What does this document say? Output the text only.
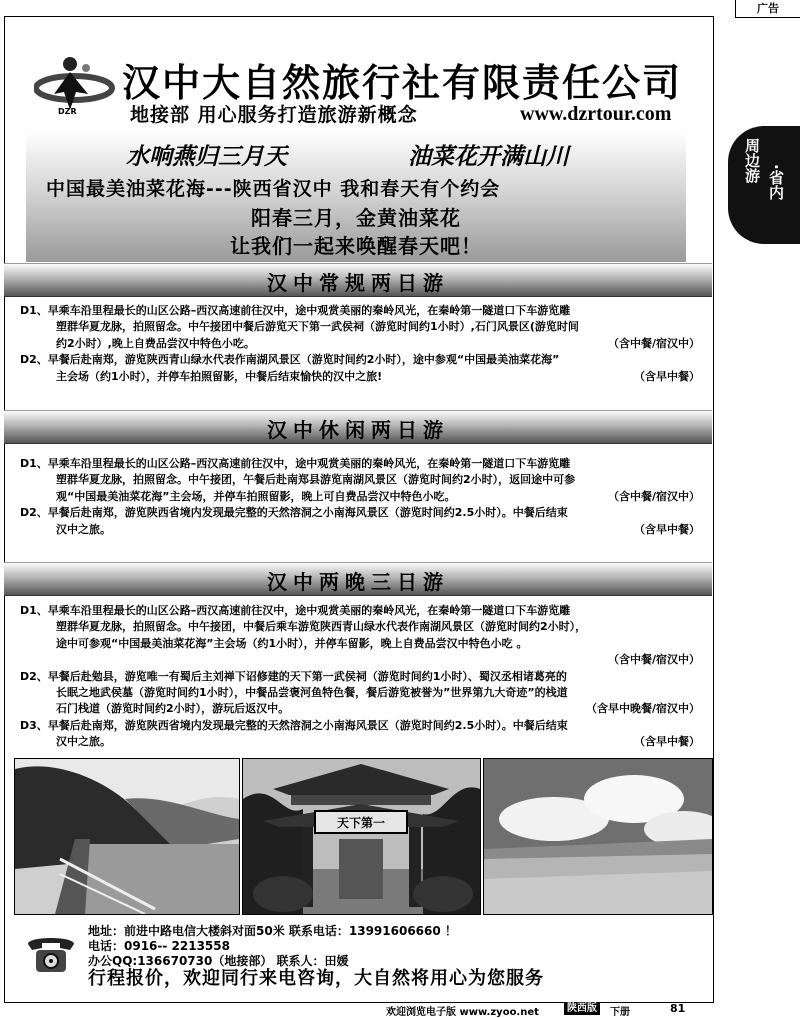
广告
周边游 ·省内
DZR
汉中大自然旅行社有限责任公司
地接部 用心服务打造旅游新概念	www.dzrtour.com
水响燕归三月天	油菜花开满山川
中国最美油菜花海---陕西省汉中 我和春天有个约会
阳春三月，金黄油菜花
让我们一起来唤醒春天吧！
汉中常规两日游
D1、早乘车沿里程最长的山区公路–西汉高速前往汉中，途中观赏美丽的秦岭风光，在秦岭第一隧道口下车游览雕
塑群华夏龙脉，拍照留念。中午接团中餐后游览天下第一武侯祠（游览时间约1小时）,石门风景区(游览时间
约2小时）,晚上自费品尝汉中特色小吃。	（含中餐/宿汉中）
D2、早餐后赴南郑，游览陕西青山绿水代表作南湖风景区（游览时间约2小时），途中参观“中国最美油菜花海”
主会场（约1小时），并停车拍照留影，中餐后结束愉快的汉中之旅!	（含早中餐）
汉中休闲两日游
D1、早乘车沿里程最长的山区公路–西汉高速前往汉中，途中观赏美丽的秦岭风光，在秦岭第一隧道口下车游览雕
塑群华夏龙脉，拍照留念。中午接团，午餐后赴南郑县游览南湖风景区（游览时间约2小时），返回途中可参
观“中国最美油菜花海”主会场，并停车拍照留影，晚上可自费品尝汉中特色小吃。	（含中餐/宿汉中）
D2、早餐后赴南郑，游览陕西省境内发现最完整的天然溶洞之小南海风景区（游览时间约2.5小时）。中餐后结束
汉中之旅。	（含早中餐）
汉中两晚三日游
D1、早乘车沿里程最长的山区公路–西汉高速前往汉中，途中观赏美丽的秦岭风光，在秦岭第一隧道口下车游览雕
塑群华夏龙脉，拍照留念。中午接团，中餐后乘车游览陕西青山绿水代表作南湖风景区（游览时间约2小时），
途中可参观“中国最美油菜花海”主会场（约1小时），并停车留影，晚上自费品尝汉中特色小吃 。
（含中餐/宿汉中）
D2、早餐后赴勉县，游览唯一有蜀后主刘禅下诏修建的天下第一武侯祠（游览时间约1小时）、蜀汉丞相诸葛亮的
长眠之地武侯墓（游览时间约1小时），中餐品尝褒河鱼特色餐，餐后游览被誉为”世界第九大奇迹”的栈道
石门栈道（游览时间约2小时），游玩后返汉中。	（含早中晚餐/宿汉中）
D3、早餐后赴南郑，游览陕西省境内发现最完整的天然溶洞之小南海风景区（游览时间约2.5小时）。中餐后结束
汉中之旅。	（含早中餐）
天下第一
地址：前进中路电信大楼斜对面50米 联系电话：13991606660 ！
电话：0916-- 2213558
办公QQ:136670730（地接部） 联系人：田媛
行程报价，欢迎同行来电咨询，大自然将用心为您服务
欢迎浏览电子版 www.zyoo.net	陕西版	下册	81
